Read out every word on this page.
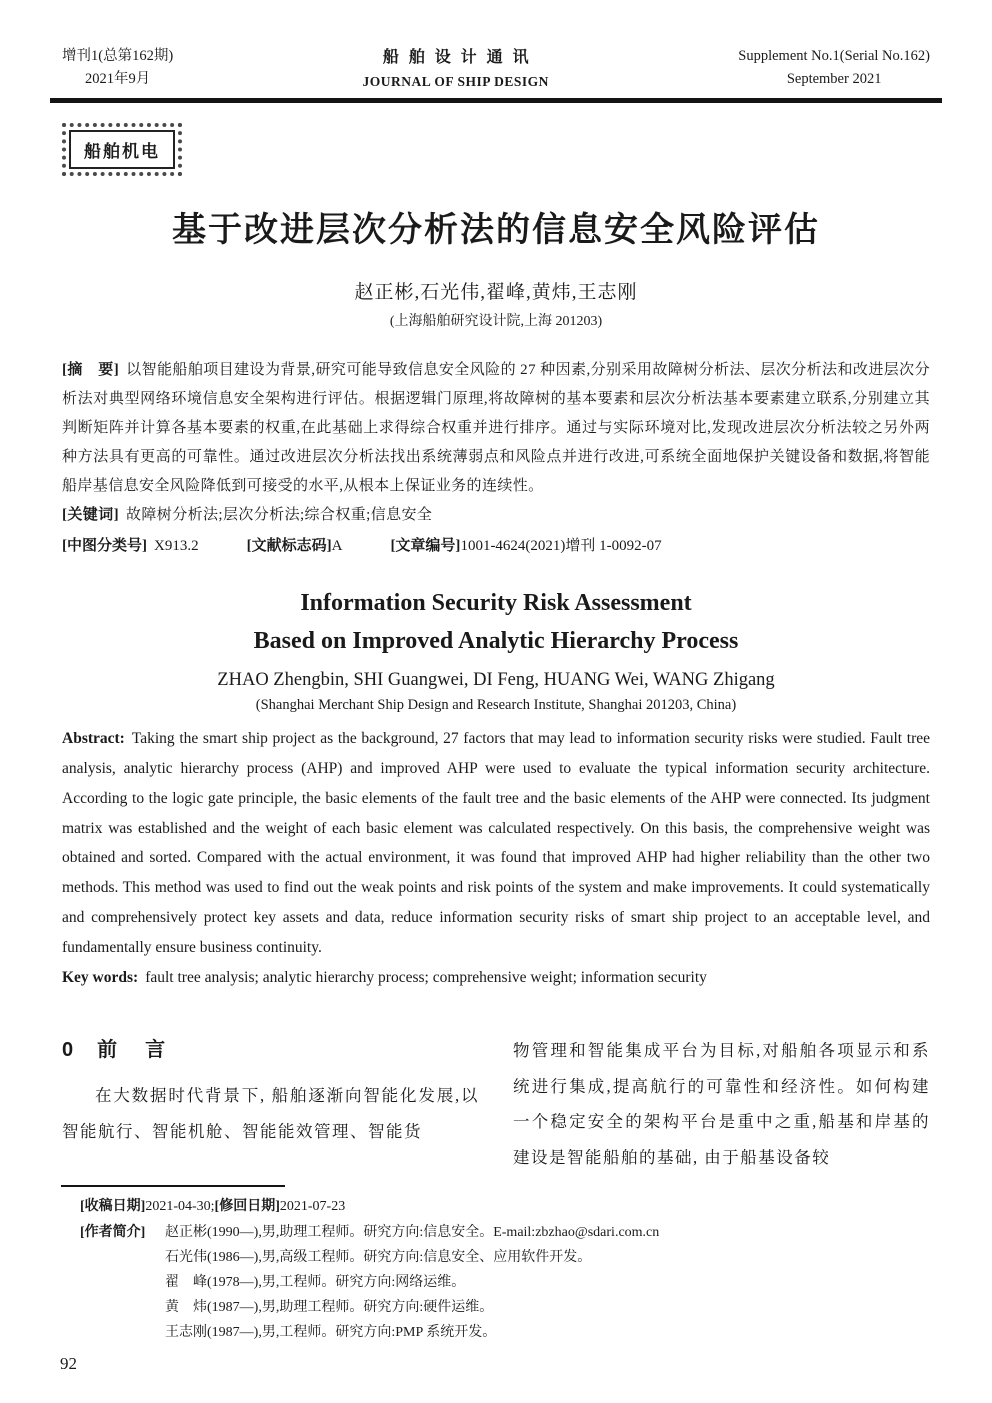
增刊1(总第162期)
2021年9月
船舶设计通讯
JOURNAL OF SHIP DESIGN
Supplement No.1(Serial No.162)
September 2021
船舶机电
基于改进层次分析法的信息安全风险评估
赵正彬,石光伟,翟峰,黄炜,王志刚
(上海船舶研究设计院,上海 201203)

[摘　要] 以智能船舶项目建设为背景,研究可能导致信息安全风险的 27 种因素,分别采用故障树分析法、层次分析法和改进层次分析法对典型网络环境信息安全架构进行评估。根据逻辑门原理,将故障树的基本要素和层次分析法基本要素建立联系,分别建立其判断矩阵并计算各基本要素的权重,在此基础上求得综合权重并进行排序。通过与实际环境对比,发现改进层次分析法较之另外两种方法具有更高的可靠性。通过改进层次分析法找出系统薄弱点和风险点并进行改进,可系统全面地保护关键设备和数据,将智能船岸基信息安全风险降低到可接受的水平,从根本上保证业务的连续性。

[关键词] 故障树分析法;层次分析法;综合权重;信息安全

[中图分类号] X913.2	[文献标志码]A	[文章编号]1001-4624(2021)增刊 1-0092-07

Information Security Risk Assessment
Based on Improved Analytic Hierarchy Process
ZHAO Zhengbin, SHI Guangwei, DI Feng, HUANG Wei, WANG Zhigang
(Shanghai Merchant Ship Design and Research Institute, Shanghai 201203, China)

Abstract: Taking the smart ship project as the background, 27 factors that may lead to information security risks were studied. Fault tree analysis, analytic hierarchy process (AHP) and improved AHP were used to evaluate the typical information security architecture. According to the logic gate principle, the basic elements of the fault tree and the basic elements of the AHP were connected. Its judgment matrix was established and the weight of each basic element was calculated respectively. On this basis, the comprehensive weight was obtained and sorted. Compared with the actual environment, it was found that improved AHP had higher reliability than the other two methods. This method was used to find out the weak points and risk points of the system and make improvements. It could systematically and comprehensively protect key assets and data, reduce information security risks of smart ship project to an acceptable level, and fundamentally ensure business continuity.

Key words: fault tree analysis; analytic hierarchy process; comprehensive weight; information security

0 前　言

在大数据时代背景下, 船舶逐渐向智能化发展,以智能航行、智能机舱、智能能效管理、智能货

物管理和智能集成平台为目标,对船舶各项显示和系统进行集成,提高航行的可靠性和经济性。如何构建一个稳定安全的架构平台是重中之重,船基和岸基的建设是智能船舶的基础, 由于船基设备较

[收稿日期]2021-04-30;[修回日期]2021-07-23
[作者简介]	赵正彬(1990—),男,助理工程师。研究方向:信息安全。E-mail:zbzhao@sdari.com.cn
石光伟(1986—),男,高级工程师。研究方向:信息安全、应用软件开发。
翟　峰(1978—),男,工程师。研究方向:网络运维。
黄　炜(1987—),男,助理工程师。研究方向:硬件运维。
王志刚(1987—),男,工程师。研究方向:PMP 系统开发。
92
